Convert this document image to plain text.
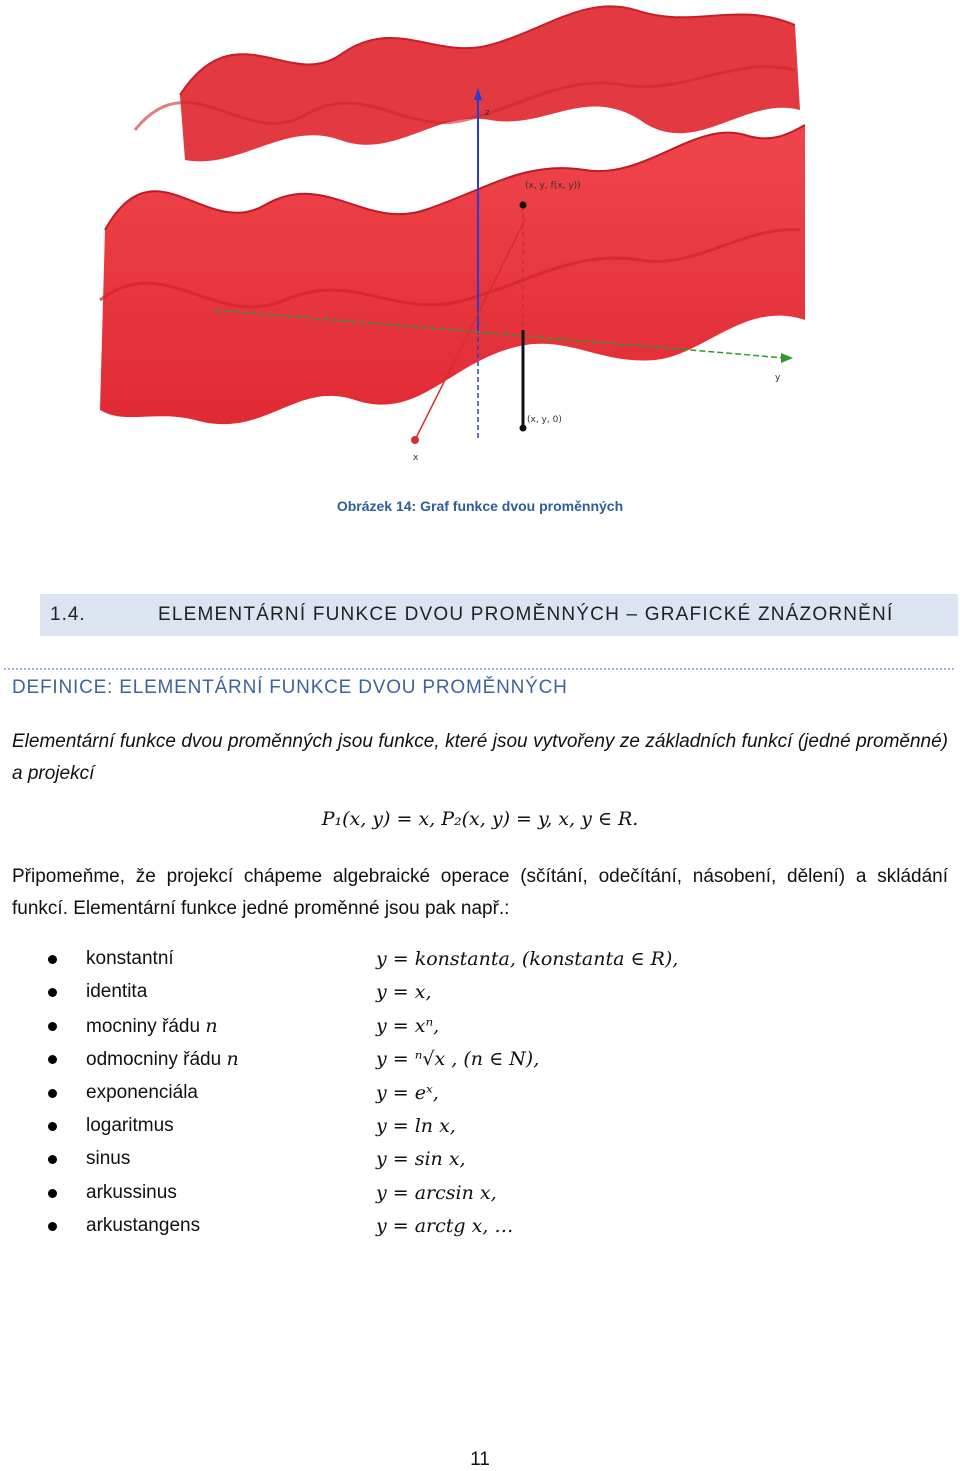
(x, y, f(x, y))
(x, y, 0)
x
y
z
Obrázek 14: Graf funkce dvou proměnných
1.4.	ELEMENTÁRNÍ FUNKCE DVOU PROMĚNNÝCH – GRAFICKÉ ZNÁZORNĚNÍ
DEFINICE: ELEMENTÁRNÍ FUNKCE DVOU PROMĚNNÝCH
Elementární funkce dvou proměnných jsou funkce, které jsou vytvořeny ze základních funkcí (jedné proměnné) a projekcí
P₁(x, y) = x, P₂(x, y) = y, x, y ∈ R.
Připomeňme, že projekcí chápeme algebraické operace (sčítání, odečítání, násobení, dělení) a skládání funkcí. Elementární funkce jedné proměnné jsou pak např.:
konstantní	y = konstanta, (konstanta ∈ R),
identita	y = x,
mocniny řádu n	y = xⁿ,
odmocniny řádu n	y = ⁿ√x , (n ∈ N),
exponenciála	y = eˣ,
logaritmus	y = ln x,
sinus	y = sin x,
arkussinus	y = arcsin x,
arkustangens	y = arctg x, …
11
